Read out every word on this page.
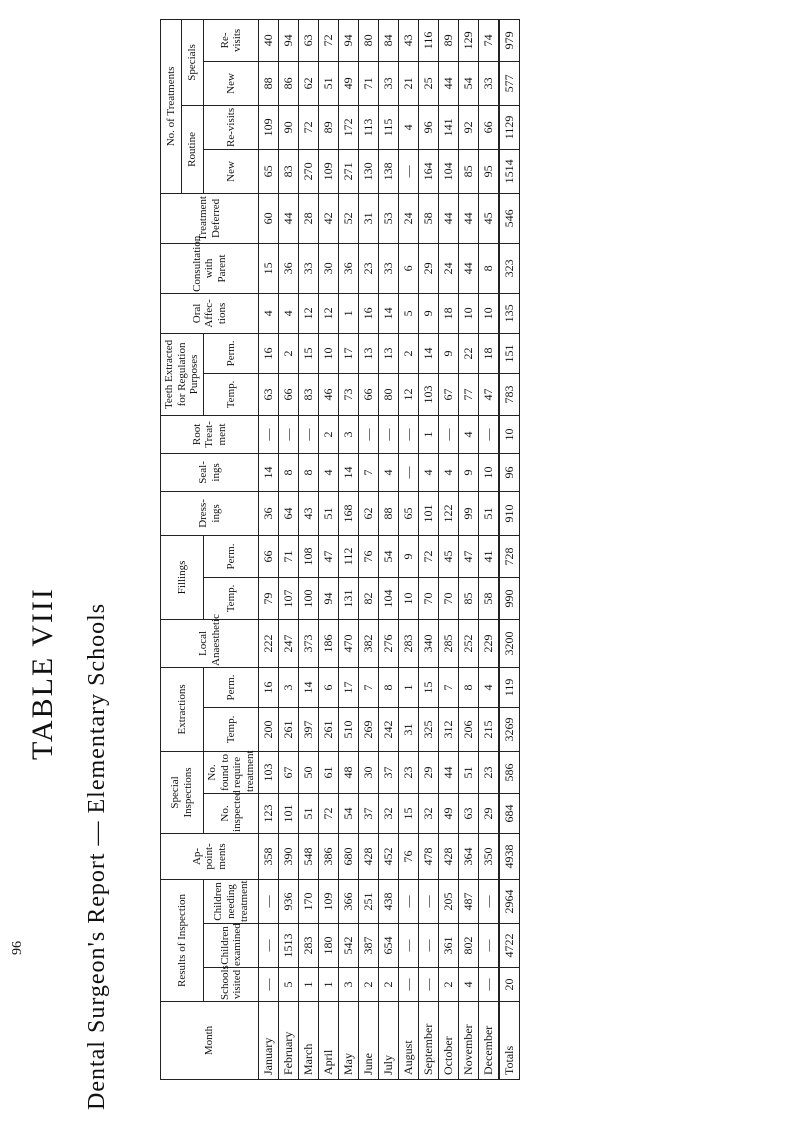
TABLE VIII Dental Surgeon's Report — Elementary Schools
96
Month	Results of Inspection			Ap-point-ments	Special Inspections		Extractions		Local Anaesthetic	Fillings		Dress-ings	Seal-ings	Root Treat-ment	Teeth Extracted for Regulation Purposes		Oral Affec-tions	Consultation with Parent	Treatment Deferred	No. of Treatments			
																				Routine		Specials	
	Schools visited	Children examined	Children needing treatment		No. inspected	No. found to require treatment	Temp.	Perm.		Temp.	Perm.				Temp.	Perm.				New	Re-visits	New	Re-visits
January	—	—	—	358	123	103	200	16	222	79	66	36	14	—	63	16	4	15	60	65	109	88	40
February	5	1513	936	390	101	67	261	3	247	107	71	64	8	—	66	2	4	36	44	83	90	86	94
March	1	283	170	548	51	50	397	14	373	100	108	43	8	—	83	15	12	33	28	270	72	62	63
April	1	180	109	386	72	61	261	6	186	94	47	51	4	2	46	10	12	30	42	109	89	51	72
May	3	542	366	680	54	48	510	17	470	131	112	168	14	3	73	17	1	36	52	271	172	49	94
June	2	387	251	428	37	30	269	7	382	82	76	62	7	—	66	13	16	23	31	130	113	71	80
July	2	654	438	452	32	37	242	8	276	104	54	88	4	—	80	13	14	33	53	138	115	33	84
August	—	—	—	76	15	23	31	1	283	10	9	65	—	—	12	2	5	6	24	—	4	21	43
September	—	—	—	478	32	29	325	15	340	70	72	101	4	1	103	14	9	29	58	164	96	25	116
October	2	361	205	428	49	44	312	7	285	70	45	122	4	—	67	9	18	24	44	104	141	44	89
November	4	802	487	364	63	51	206	8	252	85	47	99	9	4	77	22	10	44	44	85	92	54	129
December	—	—	—	350	29	23	215	4	229	58	41	51	10	—	47	18	10	8	45	95	66	33	74
Totals	20	4722	2964	4938	684	586	3269	119	3200	990	728	910	96	10	783	151	135	323	546	1514	1129	577	979
